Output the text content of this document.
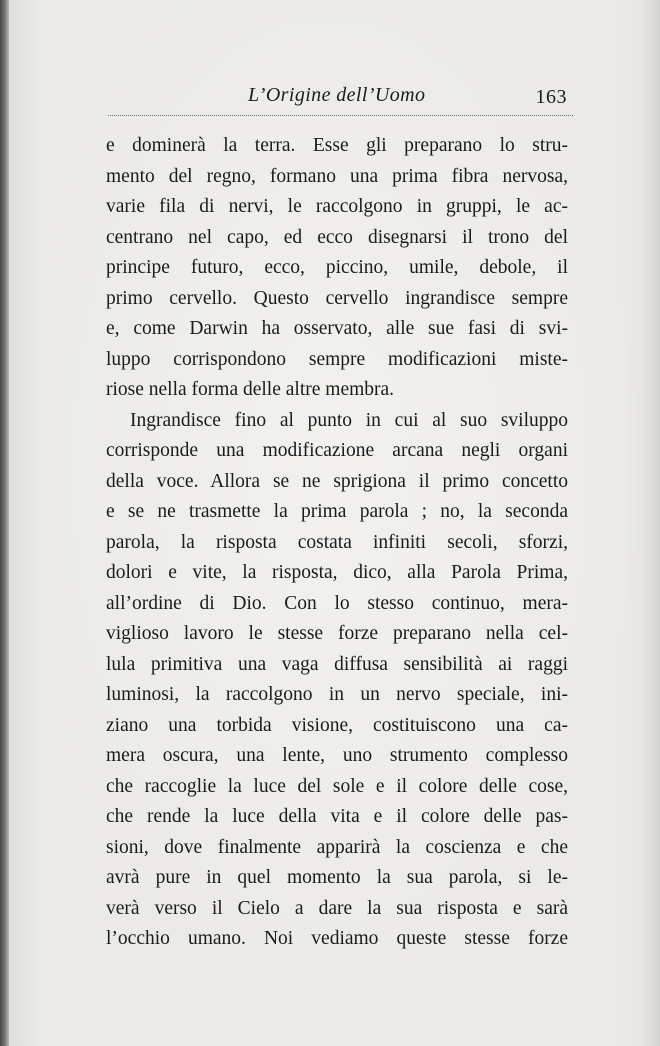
L’Origine dell’Uomo	163
e dominerà la terra. Esse gli preparano lo stru-
mento del regno, formano una prima fibra nervosa,
varie fila di nervi, le raccolgono in gruppi, le ac-
centrano nel capo, ed ecco disegnarsi il trono del
principe futuro, ecco, piccino, umile, debole, il
primo cervello. Questo cervello ingrandisce sempre
e, come Darwin ha osservato, alle sue fasi di svi-
luppo corrispondono sempre modificazioni miste-
riose nella forma delle altre membra.
Ingrandisce fino al punto in cui al suo sviluppo
corrisponde una modificazione arcana negli organi
della voce. Allora se ne sprigiona il primo concetto
e se ne trasmette la prima parola ; no, la seconda
parola, la risposta costata infiniti secoli, sforzi,
dolori e vite, la risposta, dico, alla Parola Prima,
all’ordine di Dio. Con lo stesso continuo, mera-
viglioso lavoro le stesse forze preparano nella cel-
lula primitiva una vaga diffusa sensibilità ai raggi
luminosi, la raccolgono in un nervo speciale, ini-
ziano una torbida visione, costituiscono una ca-
mera oscura, una lente, uno strumento complesso
che raccoglie la luce del sole e il colore delle cose,
che rende la luce della vita e il colore delle pas-
sioni, dove finalmente apparirà la coscienza e che
avrà pure in quel momento la sua parola, si le-
verà verso il Cielo a dare la sua risposta e sarà
l’occhio umano. Noi vediamo queste stesse forze
